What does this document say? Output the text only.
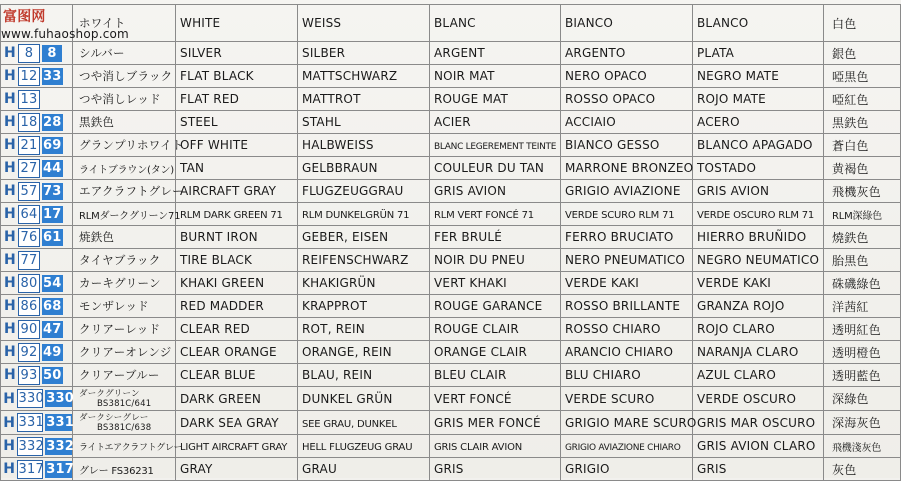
富图网
www.fuhaoshop.com	ホワイト	WHITE	WEISS	BLANC	BIANCO	BLANCO	白色

H 8 8	シルバー	SILVER	SILBER	ARGENT	ARGENTO	PLATA	銀色

H 12 33	つや消しブラック	FLAT BLACK	MATTSCHWARZ	NOIR MAT	NERO OPACO	NEGRO MATE	啞黒色

H 13	つや消しレッド	FLAT RED	MATTROT	ROUGE MAT	ROSSO OPACO	ROJO MATE	啞紅色

H 18 28	黒鉄色	STEEL	STAHL	ACIER	ACCIAIO	ACERO	黒鉄色

H 21 69	グランプリホワイト	OFF WHITE	HALBWEISS	BLANC LEGEREMENT TEINTE	BIANCO GESSO	BLANCO APAGADO	蒼白色

H 27 44	ライトブラウン(タン)	TAN	GELBBRAUN	COULEUR DU TAN	MARRONE BRONZEO	TOSTADO	黄褐色

H 57 73	エアクラフトグレー	AIRCRAFT GRAY	FLUGZEUGGRAU	GRIS AVION	GRIGIO AVIAZIONE	GRIS AVION	飛機灰色

H 64 17	RLMダークグリーン71	RLM DARK GREEN 71	RLM DUNKELGRÜN 71	RLM VERT FONCÉ 71	VERDE SCURO RLM 71	VERDE OSCURO RLM 71	RLM深綠色

H 76 61	焼鉄色	BURNT IRON	GEBER, EISEN	FER BRULÉ	FERRO BRUCIATO	HIERRO BRUÑIDO	燒鉄色

H 77	タイヤブラック	TIRE BLACK	REIFENSCHWARZ	NOIR DU PNEU	NERO PNEUMATICO	NEGRO NEUMATICO	胎黒色

H 80 54	カーキグリーン	KHAKI GREEN	KHAKIGRÜN	VERT KHAKI	VERDE KAKI	VERDE KAKI	硃磯綠色

H 86 68	モンザレッド	RED MADDER	KRAPPROT	ROUGE GARANCE	ROSSO BRILLANTE	GRANZA ROJO	洋茜紅

H 90 47	クリアーレッド	CLEAR RED	ROT, REIN	ROUGE CLAIR	ROSSO CHIARO	ROJO CLARO	透明紅色

H 92 49	クリアーオレンジ	CLEAR ORANGE	ORANGE, REIN	ORANGE CLAIR	ARANCIO CHIARO	NARANJA CLARO	透明橙色

H 93 50	クリアーブルー	CLEAR BLUE	BLAU, REIN	BLEU CLAIR	BLU CHIARO	AZUL CLARO	透明藍色

H 330 330	ダークグリーン
BS381C/641	DARK GREEN	DUNKEL GRÜN	VERT FONCÉ	VERDE SCURO	VERDE OSCURO	深綠色

H 331 331	ダークシーグレー
BS381C/638	DARK SEA GRAY	SEE GRAU, DUNKEL	GRIS MER FONCÉ	GRIGIO MARE SCURO	GRIS MAR OSCURO	深海灰色

H 332 332	ライトエアクラフトグレー	LIGHT AIRCRAFT GRAY	HELL FLUGZEUG GRAU	GRIS CLAIR AVION	GRIGIO AVIAZIONE CHIARO	GRIS AVION CLARO	飛機淺灰色

H 317 317	グレー FS36231	GRAY	GRAU	GRIS	GRIGIO	GRIS	灰色
